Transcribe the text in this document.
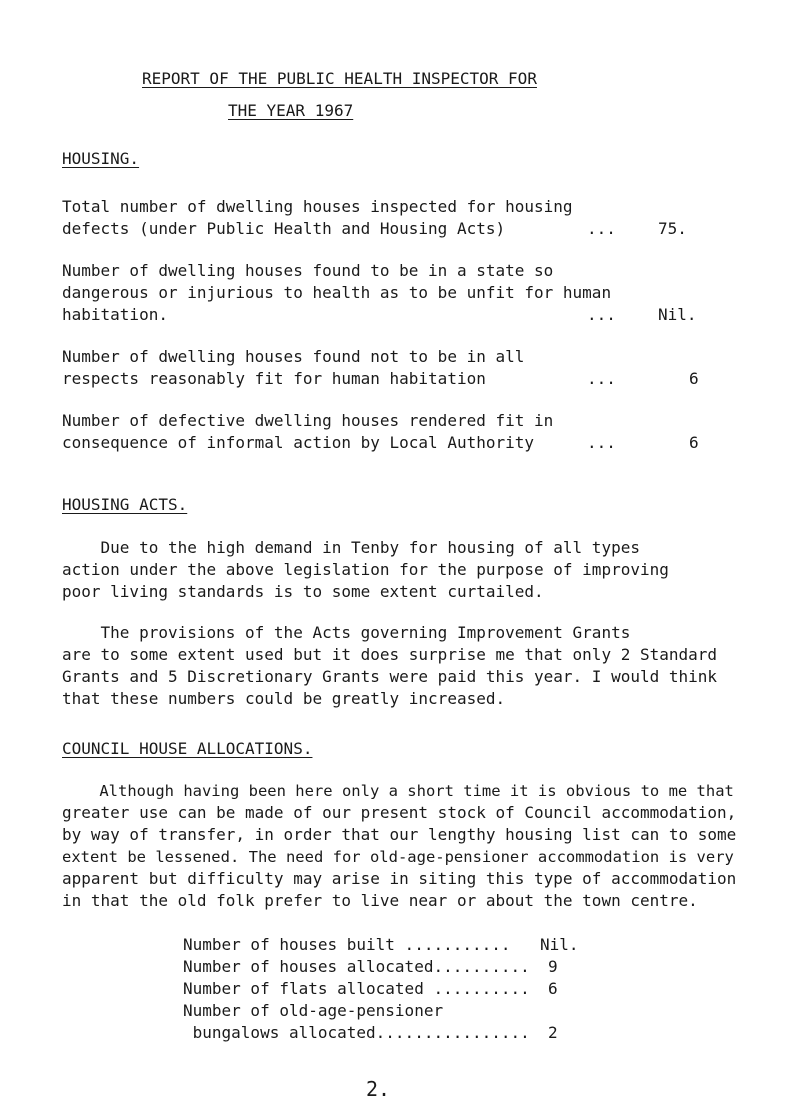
REPORT OF THE PUBLIC HEALTH INSPECTOR FOR
THE YEAR 1967
HOUSING.
Total number of dwelling houses inspected for housing
defects (under Public Health and Housing Acts)	...	75.
Number of dwelling houses found to be in a state so
dangerous or injurious to health as to be unfit for human
habitation.	...	Nil.
Number of dwelling houses found not to be in all
respects reasonably fit for human habitation	...	6
Number of defective dwelling houses rendered fit in
consequence of informal action by Local Authority	...	6
HOUSING ACTS.
Due to the high demand in Tenby for housing of all types
action under the above legislation for the purpose of improving
poor living standards is to some extent curtailed.
The provisions of the Acts governing Improvement Grants
are to some extent used but it does surprise me that only 2 Standard
Grants and 5 Discretionary Grants were paid this year. I would think
that these numbers could be greatly increased.
COUNCIL HOUSE ALLOCATIONS.
Although having been here only a short time it is obvious to me that
greater use can be made of our present stock of Council accommodation,
by way of transfer, in order that our lengthy housing list can to some
extent be lessened. The need for old-age-pensioner accommodation is very
apparent but difficulty may arise in siting this type of accommodation
in that the old folk prefer to live near or about the town centre.
Number of houses built ........... Nil.
Number of houses allocated.......... 9
Number of flats allocated .......... 6
Number of old-age-pensioner
bungalows allocated................ 2
2.
